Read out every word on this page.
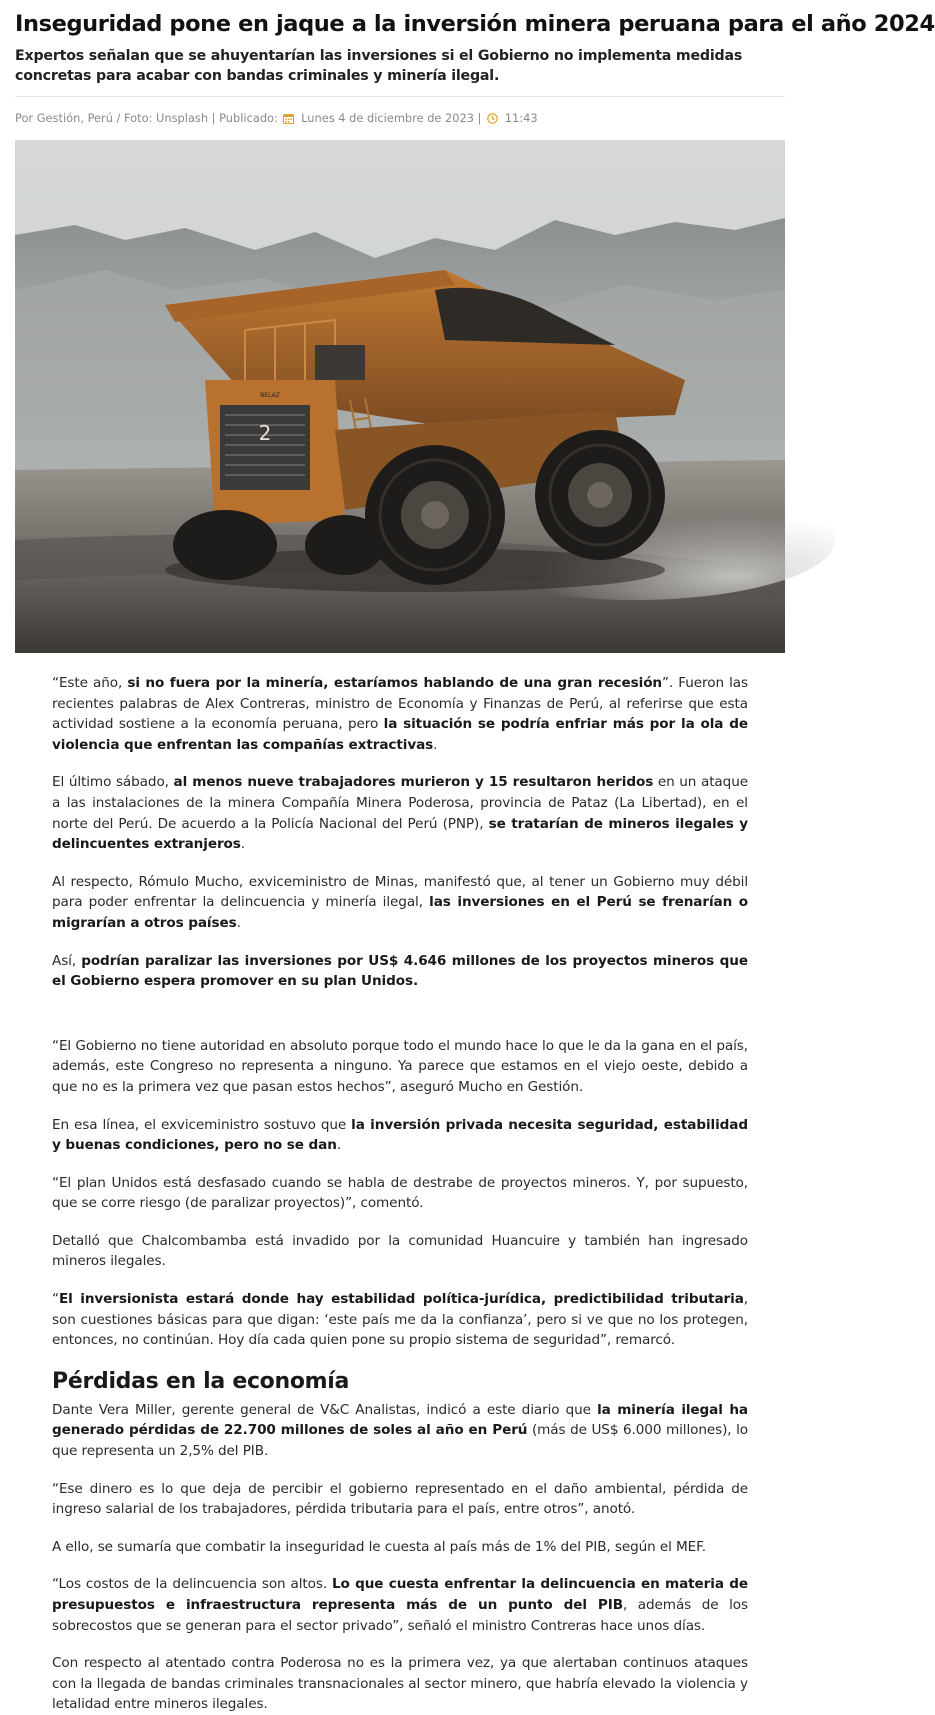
Inseguridad pone en jaque a la inversión minera peruana para el año 2024
Expertos señalan que se ahuyentarían las inversiones si el Gobierno no implementa medidas concretas para acabar con bandas criminales y minería ilegal.
Por Gestión, Perú / Foto: Unsplash | Publicado: Lunes 4 de diciembre de 2023 | 11:43
2
BELAZ

“Este año, si no fuera por la minería, estaríamos hablando de una gran recesión”. Fueron las recientes palabras de Alex Contreras, ministro de Economía y Finanzas de Perú, al referirse que esta actividad sostiene a la economía peruana, pero la situación se podría enfriar más por la ola de violencia que enfrentan las compañías extractivas.

El último sábado, al menos nueve trabajadores murieron y 15 resultaron heridos en un ataque a las instalaciones de la minera Compañía Minera Poderosa, provincia de Pataz (La Libertad), en el norte del Perú. De acuerdo a la Policía Nacional del Perú (PNP), se tratarían de mineros ilegales y delincuentes extranjeros.

Al respecto, Rómulo Mucho, exviceministro de Minas, manifestó que, al tener un Gobierno muy débil para poder enfrentar la delincuencia y minería ilegal, las inversiones en el Perú se frenarían o migrarían a otros países.

Así, podrían paralizar las inversiones por US$ 4.646 millones de los proyectos mineros que el Gobierno espera promover en su plan Unidos.

“El Gobierno no tiene autoridad en absoluto porque todo el mundo hace lo que le da la gana en el país, además, este Congreso no representa a ninguno. Ya parece que estamos en el viejo oeste, debido a que no es la primera vez que pasan estos hechos”, aseguró Mucho en Gestión.

En esa línea, el exviceministro sostuvo que la inversión privada necesita seguridad, estabilidad y buenas condiciones, pero no se dan.

“El plan Unidos está desfasado cuando se habla de destrabe de proyectos mineros. Y, por supuesto, que se corre riesgo (de paralizar proyectos)”, comentó.

Detalló que Chalcombamba está invadido por la comunidad Huancuire y también han ingresado mineros ilegales.

“El inversionista estará donde hay estabilidad política-jurídica, predictibilidad tributaria, son cuestiones básicas para que digan: ‘este país me da la confianza’, pero si ve que no los protegen, entonces, no continúan. Hoy día cada quien pone su propio sistema de seguridad”, remarcó.

Pérdidas en la economía

Dante Vera Miller, gerente general de V&C Analistas, indicó a este diario que la minería ilegal ha generado pérdidas de 22.700 millones de soles al año en Perú (más de US$ 6.000 millones), lo que representa un 2,5% del PIB.

“Ese dinero es lo que deja de percibir el gobierno representado en el daño ambiental, pérdida de ingreso salarial de los trabajadores, pérdida tributaria para el país, entre otros”, anotó.

A ello, se sumaría que combatir la inseguridad le cuesta al país más de 1% del PIB, según el MEF.

“Los costos de la delincuencia son altos. Lo que cuesta enfrentar la delincuencia en materia de presupuestos e infraestructura representa más de un punto del PIB, además de los sobrecostos que se generan para el sector privado”, señaló el ministro Contreras hace unos días.

Con respecto al atentado contra Poderosa no es la primera vez, ya que alertaban continuos ataques con la llegada de bandas criminales transnacionales al sector minero, que habría elevado la violencia y letalidad entre mineros ilegales.
